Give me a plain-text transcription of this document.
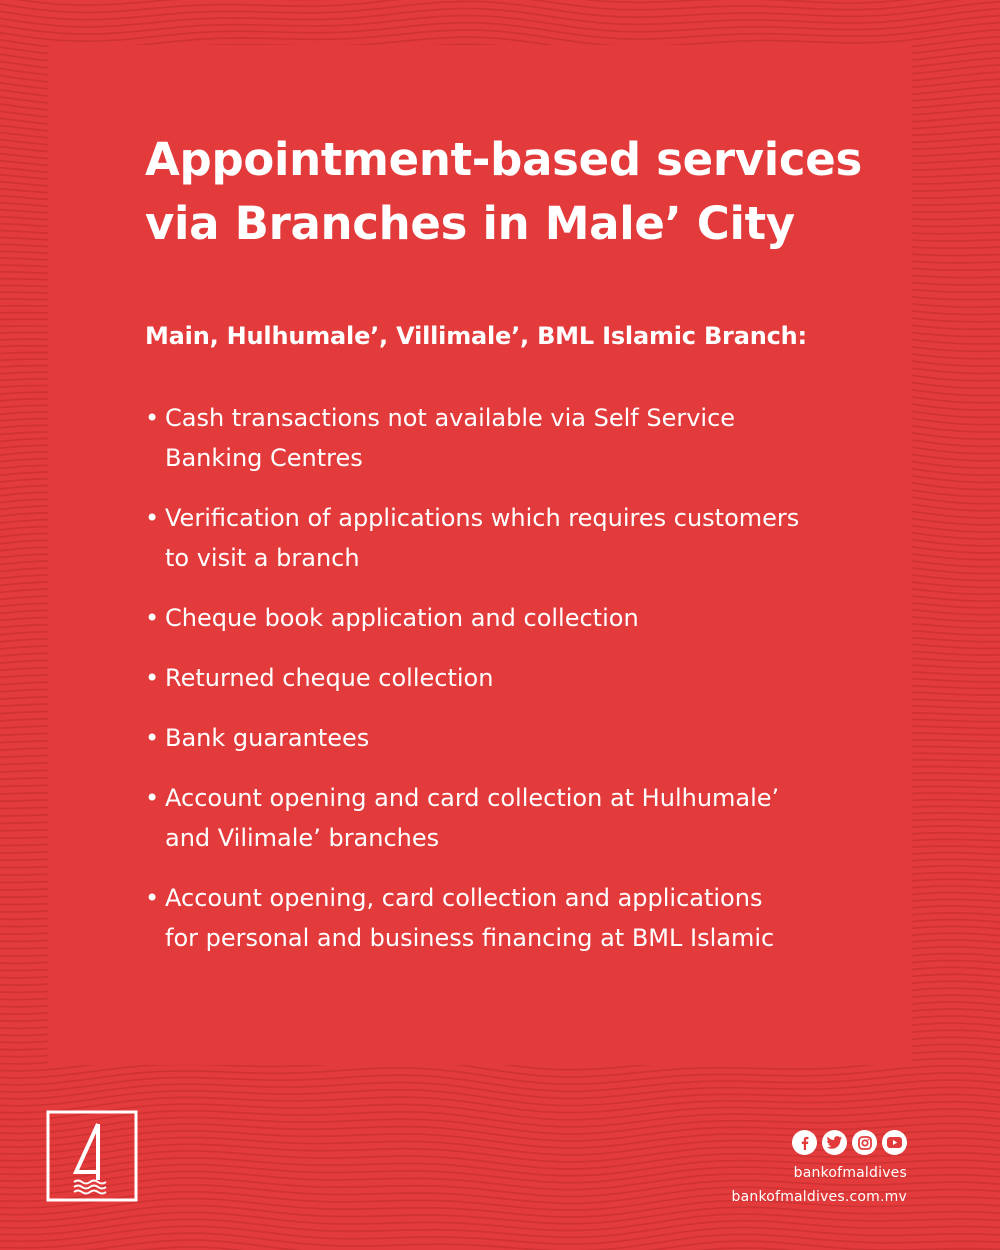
Appointment-based services
via Branches in Male’ City
Main, Hulhumale’, Villimale’, BML Islamic Branch:
• Cash transactions not available via Self Service
Banking Centres
• Verification of applications which requires customers
to visit a branch
• Cheque book application and collection
• Returned cheque collection
• Bank guarantees
• Account opening and card collection at Hulhumale’
and Vilimale’ branches
• Account opening, card collection and applications
for personal and business financing at BML Islamic
bankofmaldives
bankofmaldives.com.mv
